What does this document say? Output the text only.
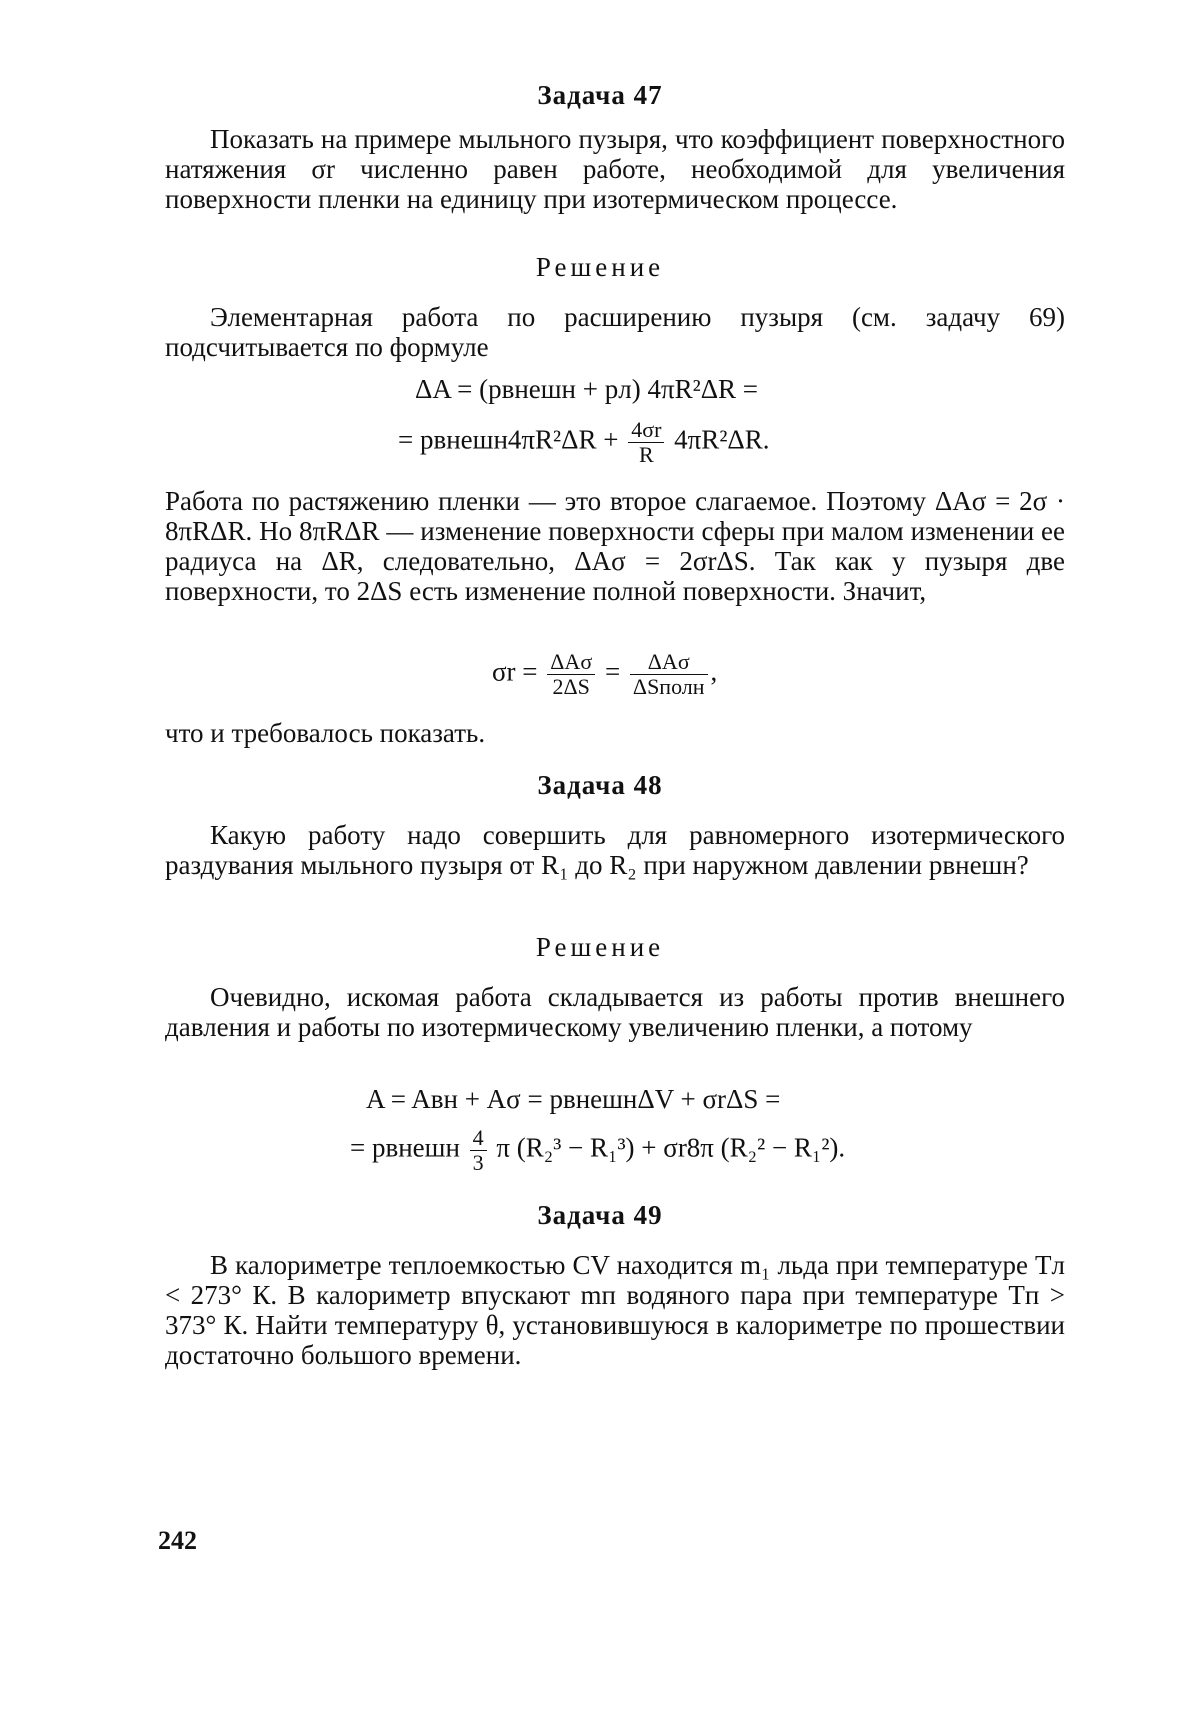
Задача 47

Показать на примере мыльного пузыря, что коэффициент поверхностного натяжения σr численно равен работе, необходимой для увеличения поверхности пленки на единицу при изотермическом процессе.

Решение

Элементарная работа по расширению пузыря (см. задачу 69) подсчитывается по формуле

ΔA = (pвнешн + pл) 4πR²ΔR =
= pвнешн4πR²ΔR + $\frac{4\sigma r}{R} 4\pi R^2\Delta R$.

Работа по растяжению пленки — это второе слагаемое. Поэтому ΔAσ = 2σ · 8πRΔR. Но 8πRΔR — изменение поверхности сферы при малом изменении ее радиуса на ΔR, следовательно, ΔAσ = 2σrΔS. Так как у пузыря две поверхности, то 2ΔS есть изменение полной поверхности. Значит,

$\sigma r = \frac{\text{ΔAσ}}{2\Delta S} = \frac{\text{ΔAσ}}{\text{ΔSполн}}$ ,

что и требовалось показать.

Задача 48

Какую работу надо совершить для равномерного изотермического раздувания мыльного пузыря от R₁ до R₂ при наружном давлении pвнешн?

Решение

Очевидно, искомая работа складывается из работы против внешнего давления и работы по изотермическому увеличению пленки, а потому

A = Aвн + Aσ = pвнешнΔV + σrΔS =
= pвнешн $\frac{4}{3}$ π (R₂³ − R₁³) + σr8π (R₂² − R₁²).
Задача 49

В калориметре теплоемкостью CV находится m₁ льда при температуре Tл < 273° К. В калориметр впускают mп водяного пара при температуре Tп > 373° К. Найти температуру θ, установившуюся в калориметре по прошествии достаточно большого времени.

242
